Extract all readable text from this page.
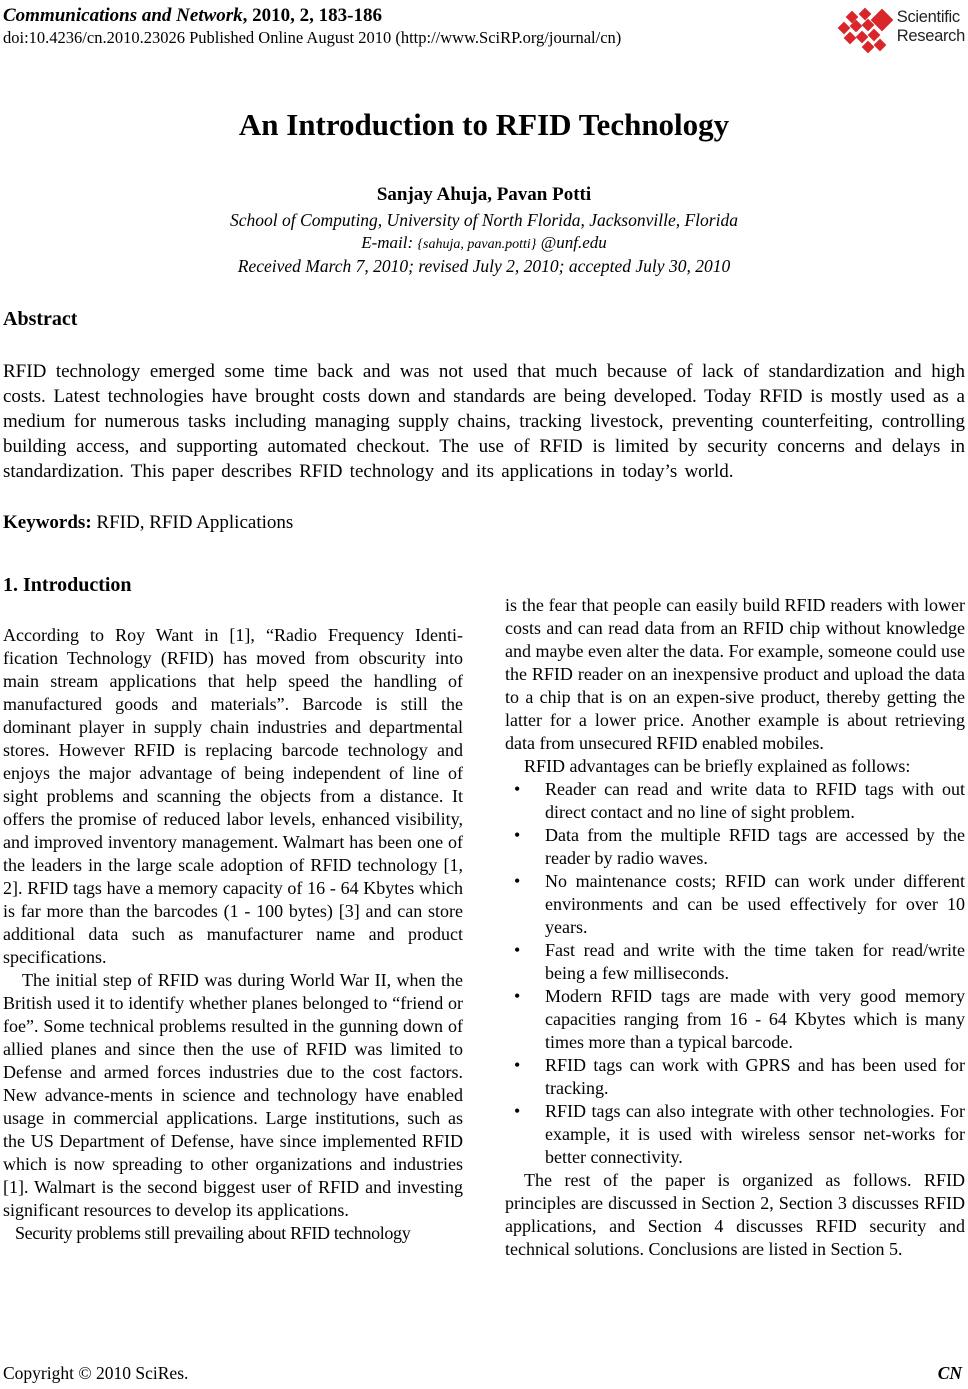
Communications and Network, 2010, 2, 183-186
doi:10.4236/cn.2010.23026 Published Online August 2010 (http://www.SciRP.org/journal/cn)
Scientific
Research
An Introduction to RFID Technology
Sanjay Ahuja, Pavan Potti
School of Computing, University of North Florida, Jacksonville, Florida
E-mail: {sahuja, pavan.potti} @unf.edu
Received March 7, 2010; revised July 2, 2010; accepted July 30, 2010
Abstract

RFID technology emerged some time back and was not used that much because of lack of standardization and high costs. Latest technologies have brought costs down and standards are being developed. Today RFID is mostly used as a medium for numerous tasks including managing supply chains, tracking livestock, preventing counterfeiting, controlling building access, and supporting automated checkout. The use of RFID is limited by security concerns and delays in standardization. This paper describes RFID technology and its applications in today’s world.

Keywords: RFID, RFID Applications
1. Introduction

According to Roy Want in [1], “Radio Frequency Identi-fication Technology (RFID) has moved from obscurity into main stream applications that help speed the handling of manufactured goods and materials”. Barcode is still the dominant player in supply chain industries and departmental stores. However RFID is replacing barcode technology and enjoys the major advantage of being independent of line of sight problems and scanning the objects from a distance. It offers the promise of reduced labor levels, enhanced visibility, and improved inventory management. Walmart has been one of the leaders in the large scale adoption of RFID technology [1, 2]. RFID tags have a memory capacity of 16 - 64 Kbytes which is far more than the barcodes (1 - 100 bytes) [3] and can store additional data such as manufacturer name and product specifications.

The initial step of RFID was during World War II, when the British used it to identify whether planes belonged to “friend or foe”. Some technical problems resulted in the gunning down of allied planes and since then the use of RFID was limited to Defense and armed forces industries due to the cost factors. New advance-ments in science and technology have enabled usage in commercial applications. Large institutions, such as the US Department of Defense, have since implemented RFID which is now spreading to other organizations and industries [1]. Walmart is the second biggest user of RFID and investing significant resources to develop its applications.

Security problems still prevailing about RFID technology

is the fear that people can easily build RFID readers with lower costs and can read data from an RFID chip without knowledge and maybe even alter the data. For example, someone could use the RFID reader on an inexpensive product and upload the data to a chip that is on an expen-sive product, thereby getting the latter for a lower price. Another example is about retrieving data from unsecured RFID enabled mobiles.

RFID advantages can be briefly explained as follows:

• Reader can read and write data to RFID tags with out direct contact and no line of sight problem.
• Data from the multiple RFID tags are accessed by the reader by radio waves.
• No maintenance costs; RFID can work under different environments and can be used effectively for over 10 years.
• Fast read and write with the time taken for read/write being a few milliseconds.
• Modern RFID tags are made with very good memory capacities ranging from 16 - 64 Kbytes which is many times more than a typical barcode.
• RFID tags can work with GPRS and has been used for tracking.
• RFID tags can also integrate with other technologies. For example, it is used with wireless sensor net-works for better connectivity.

The rest of the paper is organized as follows. RFID principles are discussed in Section 2, Section 3 discusses RFID applications, and Section 4 discusses RFID security and technical solutions. Conclusions are listed in Section 5.

Copyright © 2010 SciRes.	CN
